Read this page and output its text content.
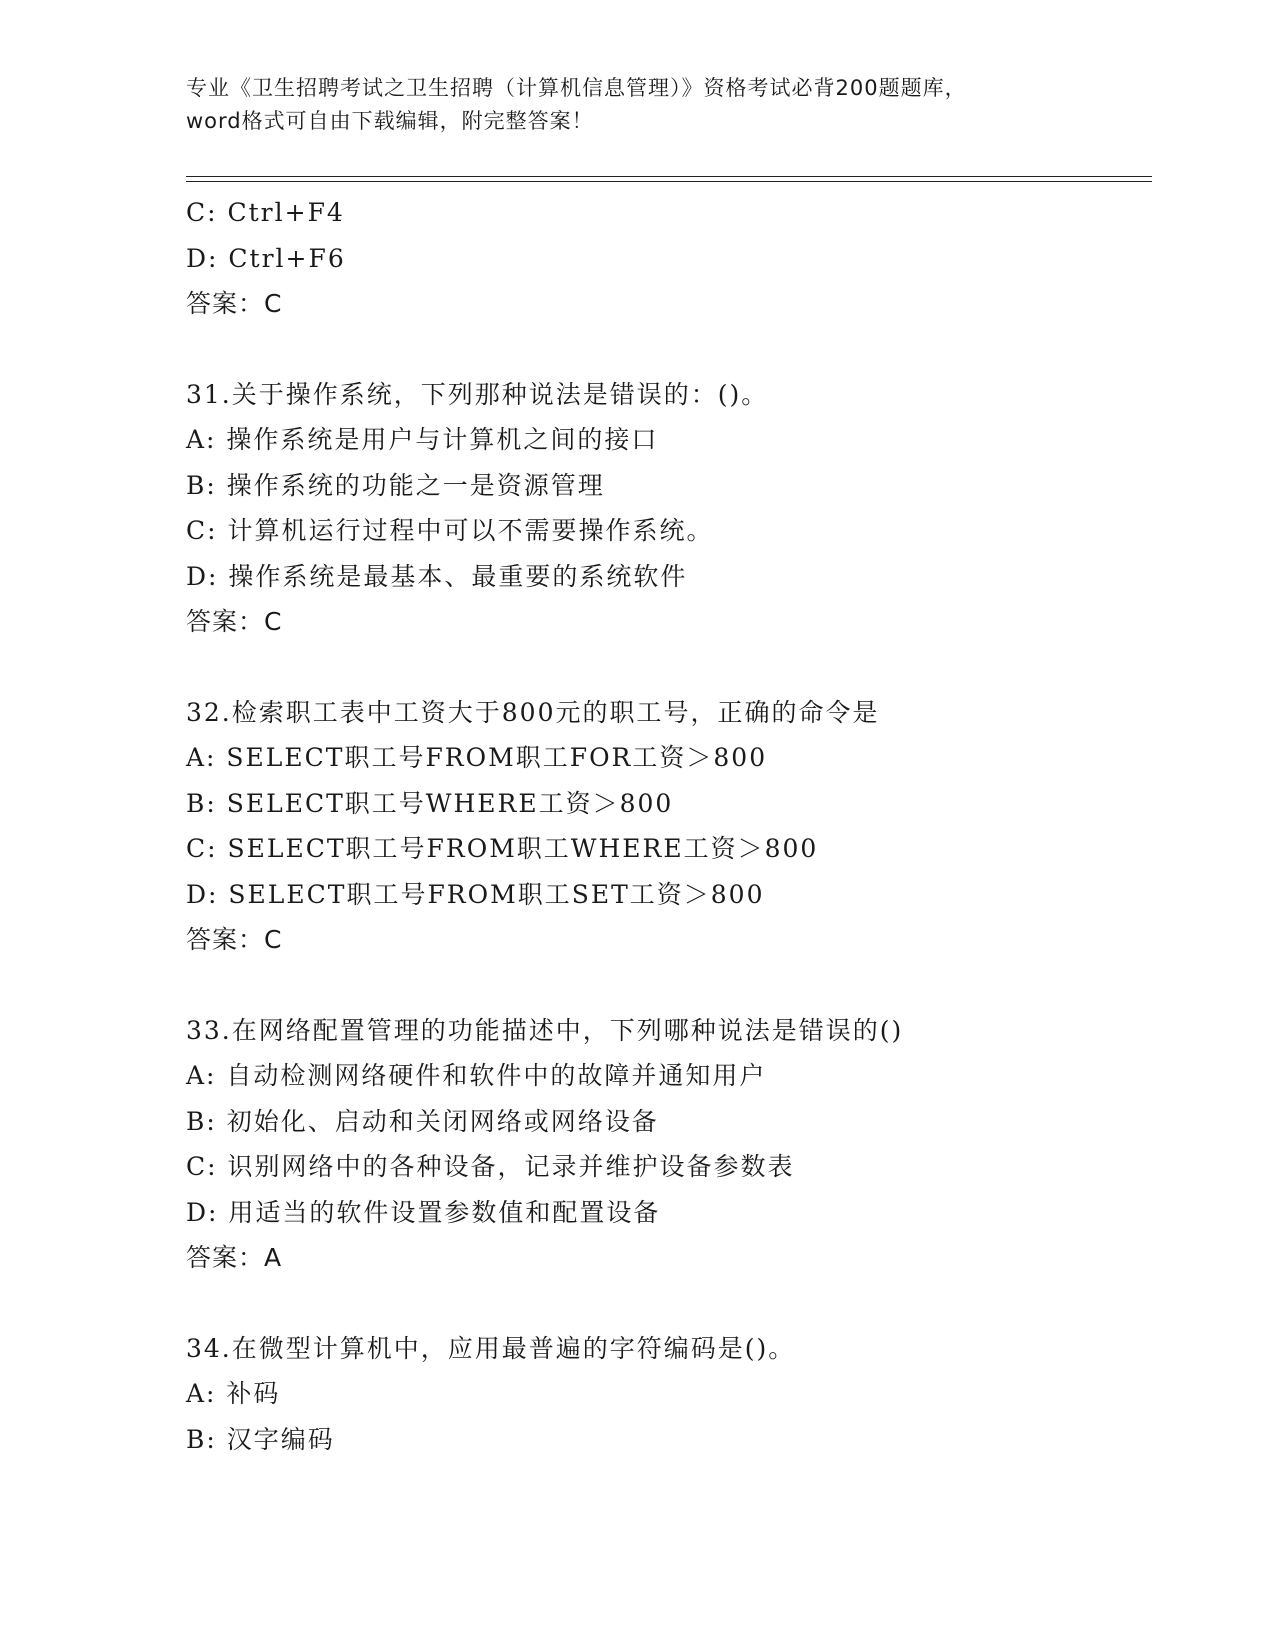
专业《卫生招聘考试之卫生招聘（计算机信息管理）》资格考试必背200题题库，
word格式可自由下载编辑，附完整答案！
C: Ctrl+F4
D: Ctrl+F6
答案：C
31.关于操作系统，下列那种说法是错误的：()。
A: 操作系统是用户与计算机之间的接口
B: 操作系统的功能之一是资源管理
C: 计算机运行过程中可以不需要操作系统。
D: 操作系统是最基本、最重要的系统软件
答案：C
32.检索职工表中工资大于800元的职工号，正确的命令是
A: SELECT职工号FROM职工FOR工资＞800
B: SELECT职工号WHERE工资＞800
C: SELECT职工号FROM职工WHERE工资＞800
D: SELECT职工号FROM职工SET工资＞800
答案：C
33.在网络配置管理的功能描述中，下列哪种说法是错误的()
A: 自动检测网络硬件和软件中的故障并通知用户
B: 初始化、启动和关闭网络或网络设备
C: 识别网络中的各种设备，记录并维护设备参数表
D: 用适当的软件设置参数值和配置设备
答案：A
34.在微型计算机中，应用最普遍的字符编码是()。
A: 补码
B: 汉字编码
